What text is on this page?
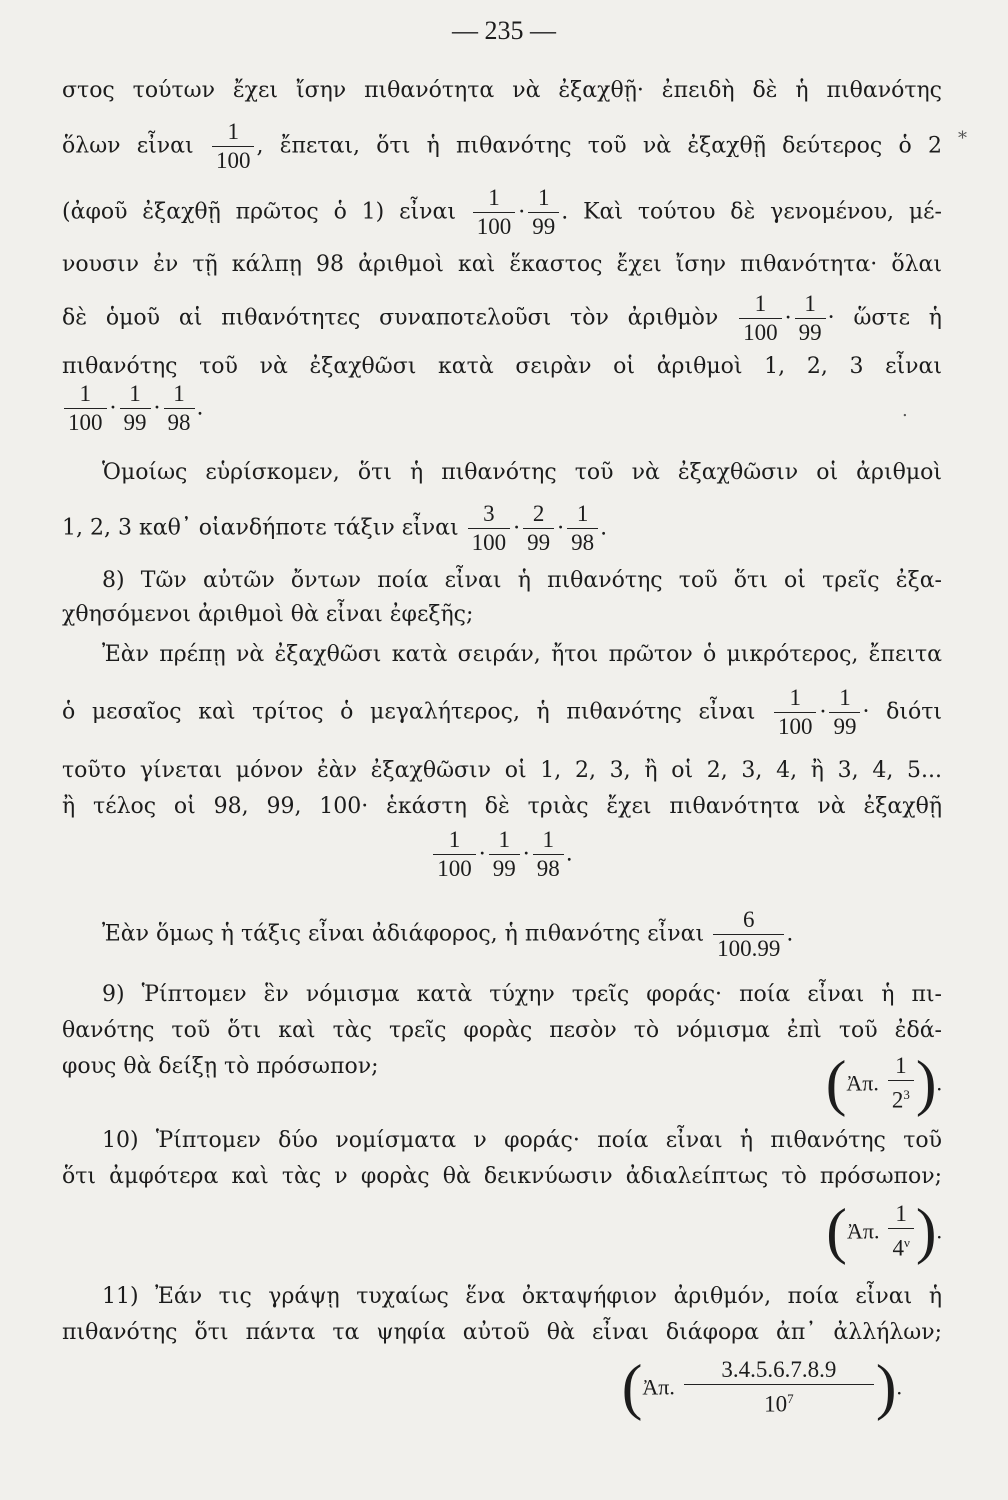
— 235 —
στος τούτων ἔχει ἴσην πιθανότητα νὰ ἐξαχθῇ· ἐπειδὴ δὲ ἡ πιθανότης
ὅλων εἶναι $\frac{1}{100}$ , ἔπεται, ὅτι ἡ πιθανότης τοῦ νὰ ἐξαχθῇ δεύτερος ὁ 2 *
(ἀφοῦ ἐξαχθῇ πρῶτος ὁ 1) εἶναι $\frac{1}{100} \cdot \frac{1}{99}$ . Καὶ τούτου δὲ γενομένου, μέ-
νουσιν ἐν τῇ κάλπῃ 98 ἀριθμοὶ καὶ ἕκαστος ἔχει ἴσην πιθανότητα· ὅλαι
δὲ ὁμοῦ αἱ πιθανότητες συναποτελοῦσι τὸν ἀριθμὸν $\frac{1}{100} \cdot \frac{1}{99}$ · ὥστε ἡ
πιθανότης τοῦ νὰ ἐξαχθῶσι κατὰ σειρὰν οἱ ἀριθμοὶ 1, 2, 3 εἶναι
$\frac{1}{100} \cdot \frac{1}{99} \cdot \frac{1}{98}$ .	.
Ὁμοίως εὑρίσκομεν, ὅτι ἡ πιθανότης τοῦ νὰ ἐξαχθῶσιν οἱ ἀριθμοὶ
1, 2, 3 καθ᾽ οἱανδήποτε τάξιν εἶναι $\frac{3}{100} \cdot \frac{2}{99} \cdot \frac{1}{98}$ .
8) Τῶν αὐτῶν ὄντων ποία εἶναι ἡ πιθανότης τοῦ ὅτι οἱ τρεῖς ἐξα-
χθησόμενοι ἀριθμοὶ θὰ εἶναι ἐφεξῆς;
Ἐὰν πρέπῃ νὰ ἐξαχθῶσι κατὰ σειράν, ἤτοι πρῶτον ὁ μικρότερος, ἔπειτα
ὁ μεσαῖος καὶ τρίτος ὁ μεγαλήτερος, ἡ πιθανότης εἶναι $\frac{1}{100} \cdot \frac{1}{99} \cdot \delta\iota ό\tau\iota$
τοῦτο γίνεται μόνον ἐὰν ἐξαχθῶσιν οἱ 1, 2, 3, ἢ οἱ 2, 3, 4, ἢ 3, 4, 5...
ἢ τέλος οἱ 98, 99, 100· ἑκάστη δὲ τριὰς ἔχει πιθανότητα νὰ ἐξαχθῇ
$\frac{1}{100} \cdot \frac{1}{99} \cdot \frac{1}{98}$ .
Ἐὰν ὅμως ἡ τάξις εἶναι ἀδιάφορος, ἡ πιθανότης εἶναι $\frac{6}{100.99}$ .
9) Ῥίπτομεν ἓν νόμισμα κατὰ τύχην τρεῖς φοράς· ποία εἶναι ἡ πι-
θανότης τοῦ ὅτι καὶ τὰς τρεῖς φορὰς πεσὸν τὸ νόμισμα ἐπὶ τοῦ ἐδά-
φους θὰ δείξῃ τὸ πρόσωπον;	(Ἀπ. $\frac{1}{2^3}$ ).
10) Ῥίπτομεν δύο νομίσματα ν φοράς· ποία εἶναι ἡ πιθανότης τοῦ
ὅτι ἀμφότερα καὶ τὰς ν φορὰς θὰ δεικνύωσιν ἀδιαλείπτως τὸ πρόσωπον;
(Ἀπ. $\frac{1}{4^\nu}$ ).
11) Ἐάν τις γράψῃ τυχαίως ἕνα ὀκταψήφιον ἀριθμόν, ποία εἶναι ἡ
πιθανότης ὅτι πάντα τα ψηφία αὐτοῦ θὰ εἶναι διάφορα ἀπ᾽ ἀλλήλων;
(Ἀπ. $\frac{3.4.5.6.7.8.9}{10^7}$ ).
